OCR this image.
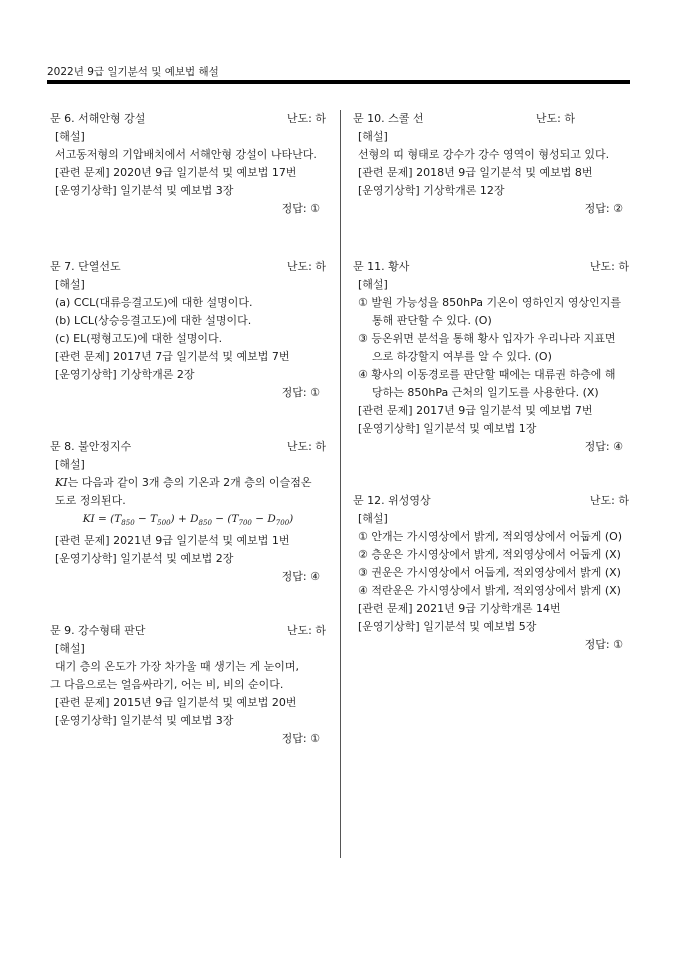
2022년 9급 일기분석 및 예보법 해설
문 6. 서해안형 강설	난도: 하
[해설]
서고동저형의 기압배치에서 서해안형 강설이 나타난다.
[관련 문제] 2020년 9급 일기분석 및 예보법 17번
[운영기상학] 일기분석 및 예보법 3장
정답: ①
문 7. 단열선도	난도: 하
[해설]
(a) CCL(대류응결고도)에 대한 설명이다.
(b) LCL(상승응결고도)에 대한 설명이다.
(c) EL(평형고도)에 대한 설명이다.
[관련 문제] 2017년 7급 일기분석 및 예보법 7번
[운영기상학] 기상학개론 2장
정답: ①
문 8. 불안정지수	난도: 하
[해설]
KI는 다음과 같이 3개 층의 기온과 2개 층의 이슬점온
도로 정의된다.
KI = $(T_{850} - T_{500}) + D_{850} - (T_{700} - D_{700})$
[관련 문제] 2021년 9급 일기분석 및 예보법 1번
[운영기상학] 일기분석 및 예보법 2장
정답: ④
문 9. 강수형태 판단	난도: 하
[해설]
대기 층의 온도가 가장 차가울 때 생기는 게 눈이며,
그 다음으로는 얼음싸라기, 어는 비, 비의 순이다.
[관련 문제] 2015년 9급 일기분석 및 예보법 20번
[운영기상학] 일기분석 및 예보법 3장
정답: ①
문 10. 스콜 선	난도: 하
[해설]
선형의 띠 형태로 강수가 강수 영역이 형성되고 있다.
[관련 문제] 2018년 9급 일기분석 및 예보법 8번
[운영기상학] 기상학개론 12장
정답: ②
문 11. 황사	난도: 하
[해설]
① 발원 가능성을 850hPa 기온이 영하인지 영상인지를
통해 판단할 수 있다. (O)
③ 등온위면 분석을 통해 황사 입자가 우리나라 지표면
으로 하강할지 여부를 알 수 있다. (O)
④ 황사의 이동경로를 판단할 때에는 대류권 하층에 해
당하는 850hPa 근처의 일기도를 사용한다. (X)
[관련 문제] 2017년 9급 일기분석 및 예보법 7번
[운영기상학] 일기분석 및 예보법 1장
정답: ④
문 12. 위성영상	난도: 하
[해설]
① 안개는 가시영상에서 밝게, 적외영상에서 어둡게 (O)
② 층운은 가시영상에서 밝게, 적외영상에서 어둡게 (X)
③ 권운은 가시영상에서 어둡게, 적외영상에서 밝게 (X)
④ 적란운은 가시영상에서 밝게, 적외영상에서 밝게 (X)
[관련 문제] 2021년 9급 기상학개론 14번
[운영기상학] 일기분석 및 예보법 5장
정답: ①
